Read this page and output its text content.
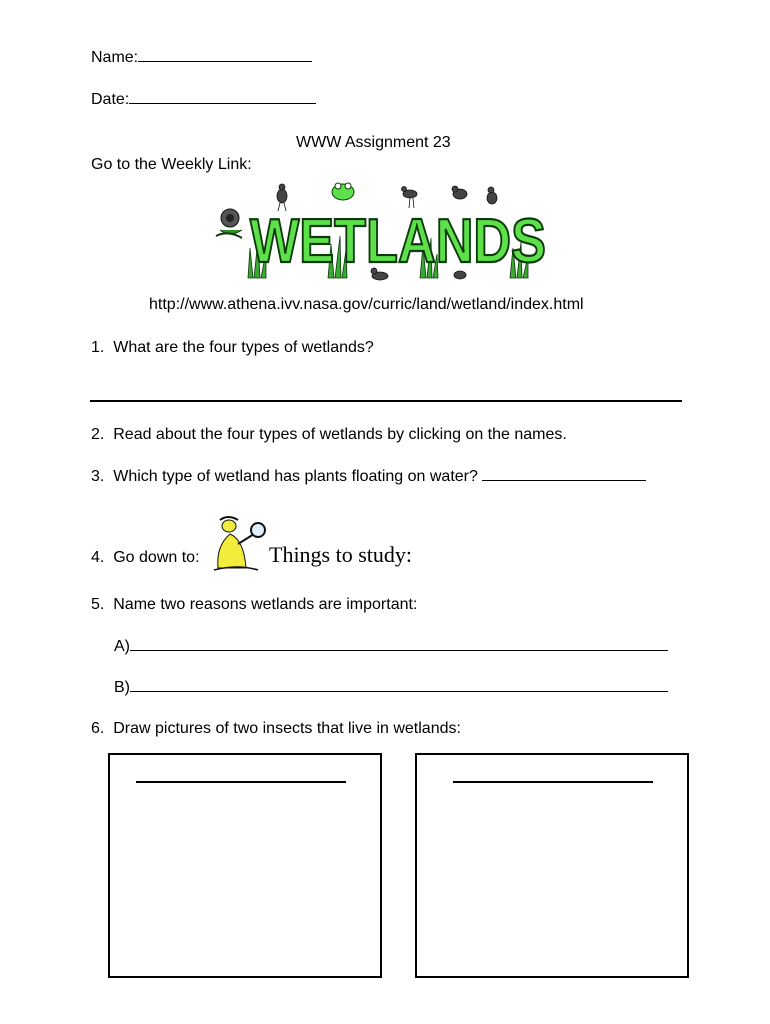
Name:
Date:
WWW Assignment 23
Go to the Weekly Link:
WETLANDS
http://www.athena.ivv.nasa.gov/curric/land/wetland/index.html
1. What are the four types of wetlands?
2. Read about the four types of wetlands by clicking on the names.
3. Which type of wetland has plants floating on water?
4. Go down to:	Things to study:
5. Name two reasons wetlands are important:
A)
B)
6. Draw pictures of two insects that live in wetlands:
